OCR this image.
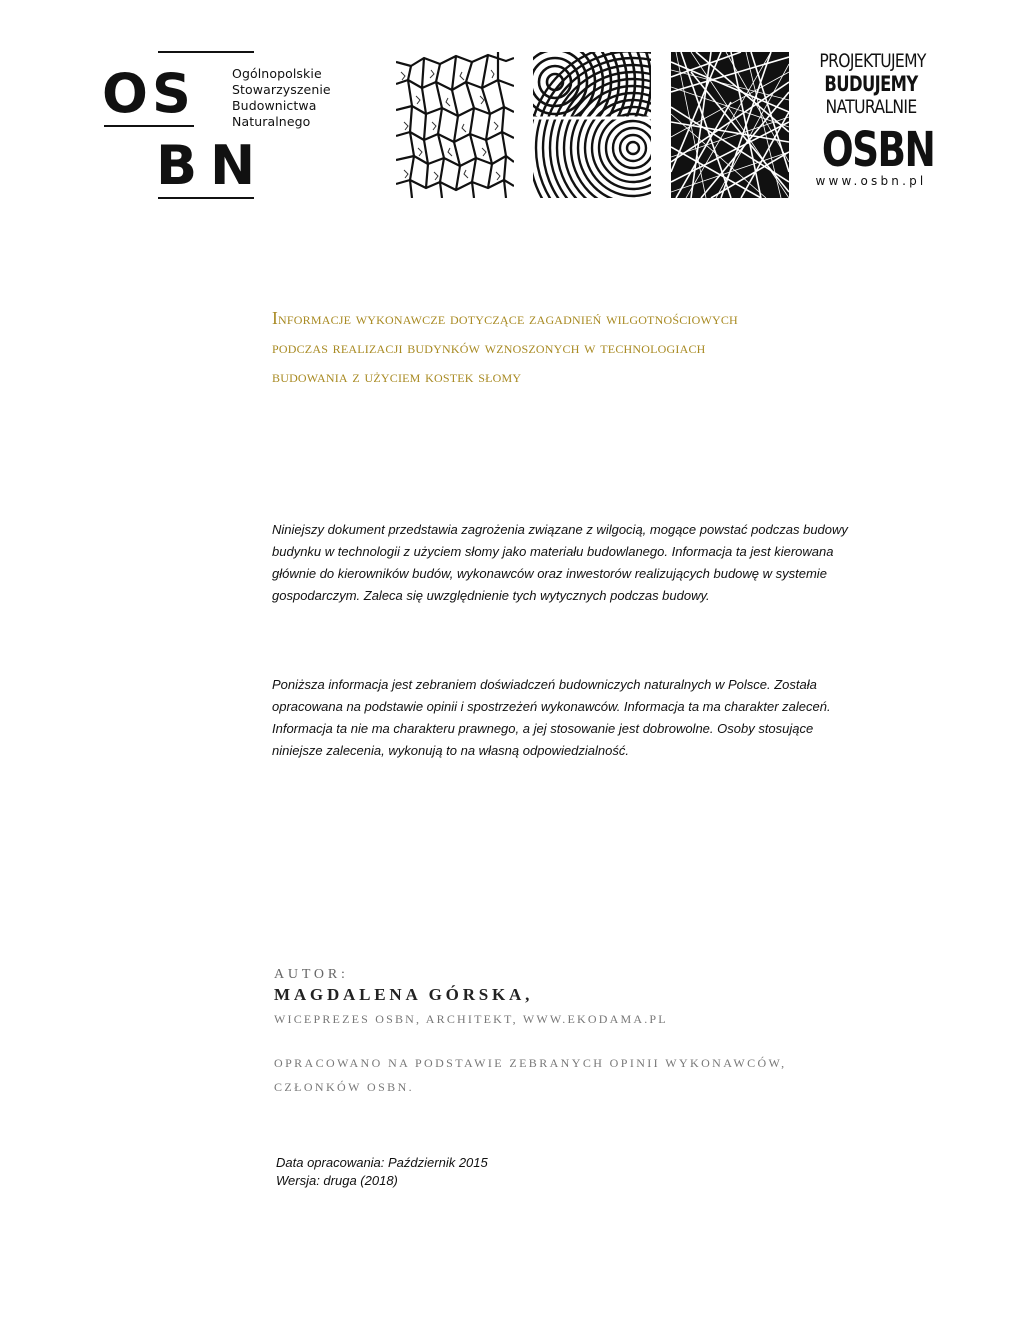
O S
B N
Ogólnopolskie
Stowarzyszenie
Budownictwa
Naturalnego
PROJEKTUJEMY
BUDUJEMY
NATURALNIE
OSBN
www.osbn.pl
Informacje wykonawcze dotyczące zagadnień wilgotnościowych
podczas realizacji budynków wznoszonych w technologiach
budowania z użyciem kostek słomy
Niniejszy dokument przedstawia zagrożenia związane z wilgocią, mogące powstać podczas budowy
budynku w technologii z użyciem słomy jako materiału budowlanego. Informacja ta jest kierowana
głównie do kierowników budów, wykonawców oraz inwestorów realizujących budowę w systemie
gospodarczym. Zaleca się uwzględnienie tych wytycznych podczas budowy.
Poniższa informacja jest zebraniem doświadczeń budowniczych naturalnych w Polsce. Została
opracowana na podstawie opinii i spostrzeżeń wykonawców. Informacja ta ma charakter zaleceń.
Informacja ta nie ma charakteru prawnego, a jej stosowanie jest dobrowolne. Osoby stosujące
niniejsze zalecenia, wykonują to na własną odpowiedzialność.
AUTOR:
MAGDALENA GÓRSKA,
WICEPREZES OSBN, ARCHITEKT, WWW.EKODAMA.PL
OPRACOWANO NA PODSTAWIE ZEBRANYCH OPINII WYKONAWCÓW,
CZŁONKÓW OSBN.
Data opracowania: Październik 2015
Wersja: druga (2018)
